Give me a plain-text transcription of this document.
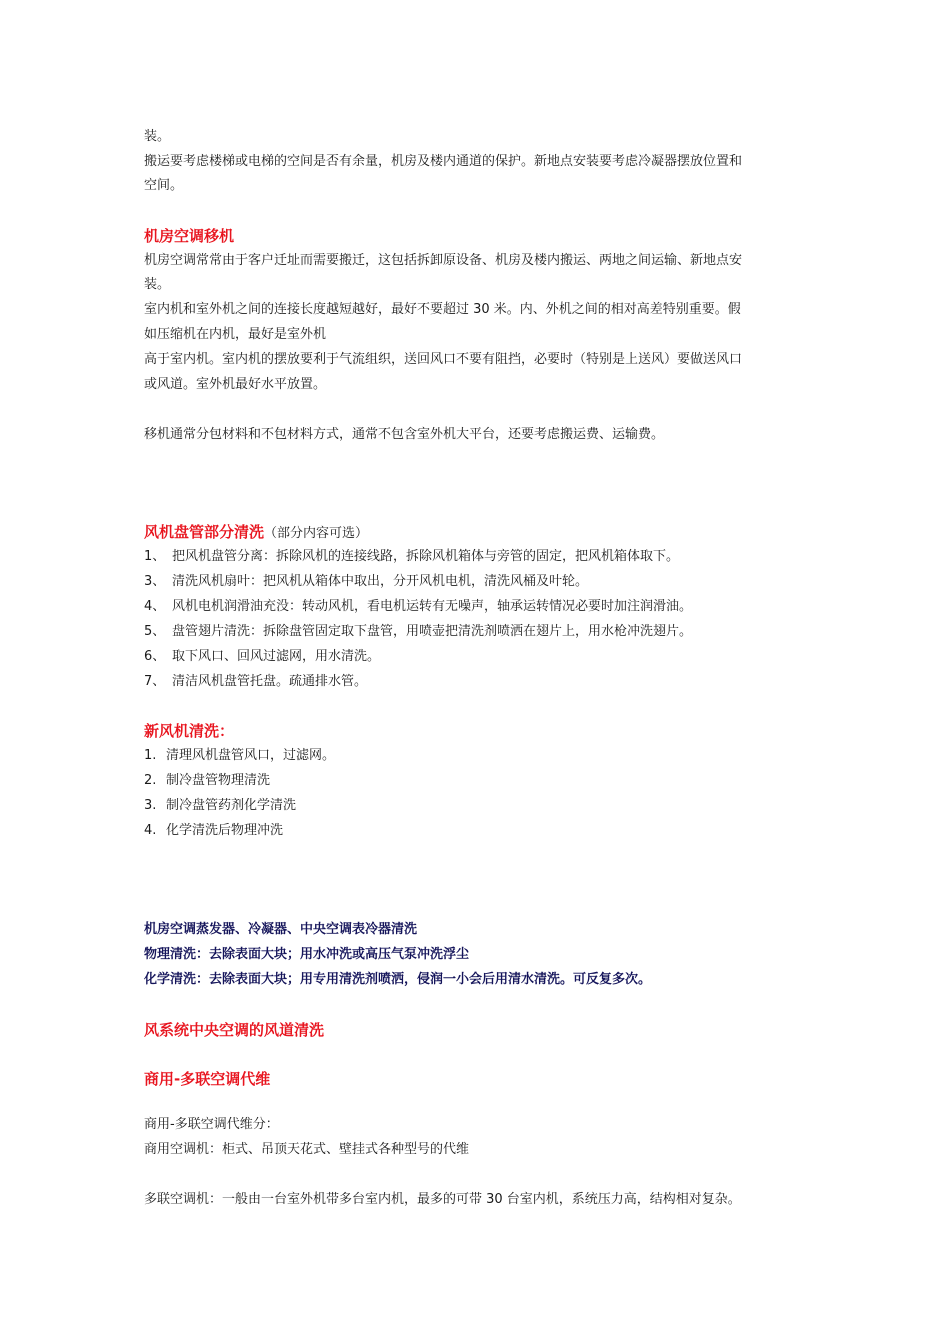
装。
搬运要考虑楼梯或电梯的空间是否有余量，机房及楼内通道的保护。新地点安装要考虑冷凝器摆放位置和
空间。
机房空调移机
机房空调常常由于客户迁址而需要搬迁，这包括拆卸原设备、机房及楼内搬运、两地之间运输、新地点安
装。
室内机和室外机之间的连接长度越短越好，最好不要超过 30 米。内、外机之间的相对高差特别重要。假
如压缩机在内机，最好是室外机
高于室内机。室内机的摆放要利于气流组织，送回风口不要有阻挡，必要时（特别是上送风）要做送风口
或风道。室外机最好水平放置。
移机通常分包材料和不包材料方式，通常不包含室外机大平台，还要考虑搬运费、运输费。
风机盘管部分清洗（部分内容可选）
1、 把风机盘管分离：拆除风机的连接线路，拆除风机箱体与旁管的固定，把风机箱体取下。
3、 清洗风机扇叶：把风机从箱体中取出，分开风机电机，清洗风桶及叶轮。
4、 风机电机润滑油充没：转动风机，看电机运转有无噪声，轴承运转情况必要时加注润滑油。
5、 盘管翅片清洗：拆除盘管固定取下盘管，用喷壶把清洗剂喷洒在翅片上，用水枪冲洗翅片。
6、 取下风口、回风过滤网，用水清洗。
7、 清洁风机盘管托盘。疏通排水管。
新风机清洗：
1. 清理风机盘管风口，过滤网。
2. 制冷盘管物理清洗
3. 制冷盘管药剂化学清洗
4. 化学清洗后物理冲洗
机房空调蒸发器、冷凝器、中央空调表冷器清洗
物理清洗：去除表面大块；用水冲洗或高压气泵冲洗浮尘
化学清洗：去除表面大块；用专用清洗剂喷洒，侵润一小会后用清水清洗。可反复多次。
风系统中央空调的风道清洗
商用-多联空调代维
商用-多联空调代维分：
商用空调机：柜式、吊顶天花式、壁挂式各种型号的代维
多联空调机：一般由一台室外机带多台室内机，最多的可带 30 台室内机，系统压力高，结构相对复杂。
